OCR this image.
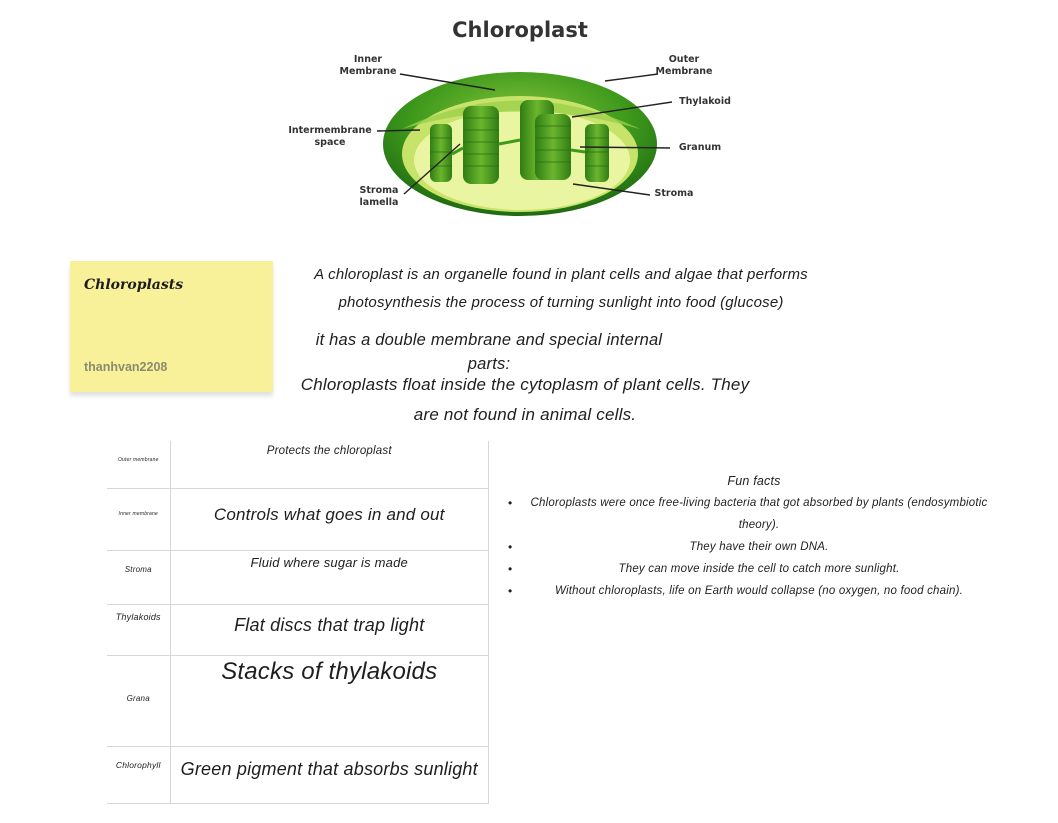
Chloroplast
Inner
Membrane
Outer
Membrane
Thylakoid
Intermembrane
space	Granum
Stroma
lamella
Stroma
Chloroplasts
thanhvan2208
A chloroplast is an organelle found in plant cells and algae that performs photosynthesis the process of turning sunlight into food (glucose)
it has a double membrane and special internal parts:
Chloroplasts float inside the cytoplasm of plant cells. They are not found in animal cells.
Outer membrane	Protects the chloroplast
Inner membrane	Controls what goes in and out
Stroma	Fluid where sugar is made
Thylakoids	Flat discs that trap light
Grana	Stacks of thylakoids
Chlorophyll	Green pigment that absorbs sunlight
Fun facts
• Chloroplasts were once free-living bacteria that got absorbed by plants (endosymbiotic theory).
• They have their own DNA.
• They can move inside the cell to catch more sunlight.
• Without chloroplasts, life on Earth would collapse (no oxygen, no food chain).
